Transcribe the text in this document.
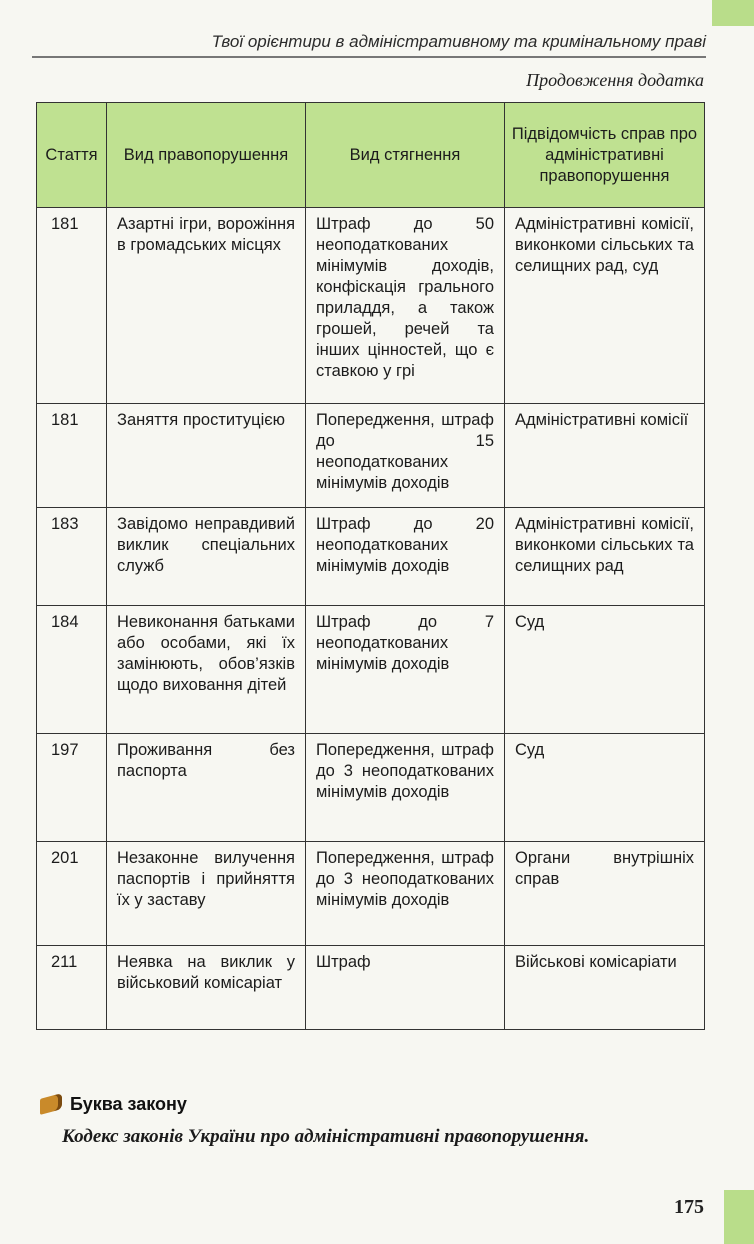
Твої орієнтири в адміністративному та кримінальному праві
Продовження додатка
Стаття	Вид правопорушення	Вид стягнення	Підвідомчість справ про адміністративні правопорушення
181	Азартні ігри, ворожіння в громадських місцях	Штраф до 50 неоподаткованих мінімумів доходів, конфіскація грального приладдя, а також грошей, речей та інших цінностей, що є ставкою у грі	Адміністративні комісії, виконкоми сільських та селищних рад, суд
181	Заняття проституцією	Попередження, штраф до 15 неоподаткованих мінімумів доходів	Адміністративні комісії
183	Завідомо неправдивий виклик спеціальних служб	Штраф до 20 неоподаткованих мінімумів доходів	Адміністративні комісії, виконкоми сільських та селищних рад
184	Невиконання батьками або особами, які їх замінюють, обов’язків щодо виховання дітей	Штраф до 7 неоподаткованих мінімумів доходів	Суд
197	Проживання без паспорта	Попередження, штраф до 3 неоподаткованих мінімумів доходів	Суд
201	Незаконне вилучення паспортів і прийняття їх у заставу	Попередження, штраф до 3 неоподаткованих мінімумів доходів	Органи внутрішніх справ
211	Неявка на виклик у військовий комісаріат	Штраф	Військові комісаріати
Буква закону
Кодекс законів України про адміністративні правопорушення.
175
